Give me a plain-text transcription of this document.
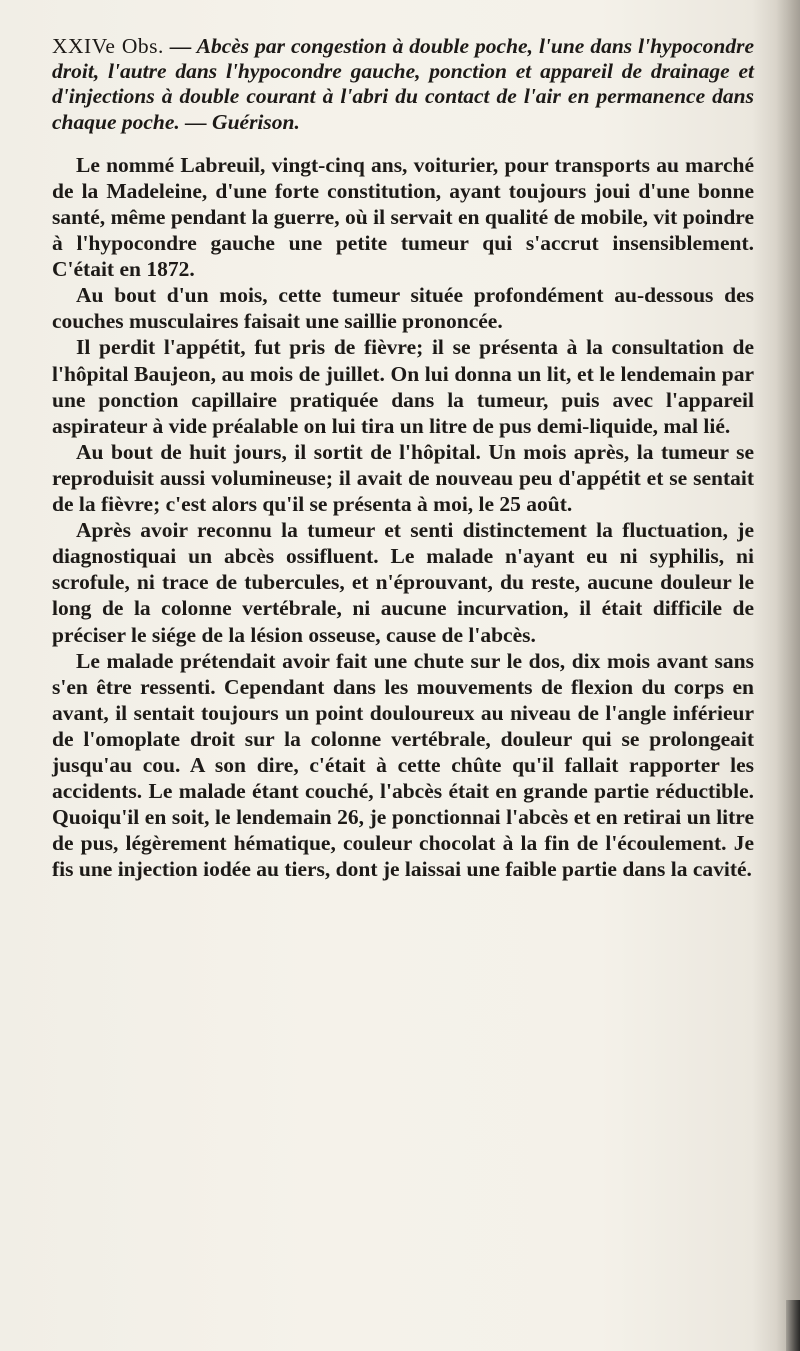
XXIVe Obs. — Abcès par congestion à double poche, l'une dans l'hypocondre droit, l'autre dans l'hypocondre gauche, ponction et appareil de drainage et d'injections à double courant à l'abri du contact de l'air en permanence dans chaque poche. — Guérison.

Le nommé Labreuil, vingt-cinq ans, voiturier, pour transports au marché de la Madeleine, d'une forte constitution, ayant toujours joui d'une bonne santé, même pendant la guerre, où il servait en qualité de mobile, vit poindre à l'hypocondre gauche une petite tumeur qui s'accrut insensiblement. C'était en 1872.

Au bout d'un mois, cette tumeur située profondément au-dessous des couches musculaires faisait une saillie prononcée.

Il perdit l'appétit, fut pris de fièvre; il se présenta à la consultation de l'hôpital Baujeon, au mois de juillet. On lui donna un lit, et le lendemain par une ponction capillaire pratiquée dans la tumeur, puis avec l'appareil aspirateur à vide préalable on lui tira un litre de pus demi-liquide, mal lié.

Au bout de huit jours, il sortit de l'hôpital. Un mois après, la tumeur se reproduisit aussi volumineuse; il avait de nouveau peu d'appétit et se sentait de la fièvre; c'est alors qu'il se présenta à moi, le 25 août.

Après avoir reconnu la tumeur et senti distinctement la fluctuation, je diagnostiquai un abcès ossifluent. Le malade n'ayant eu ni syphilis, ni scrofule, ni trace de tubercules, et n'éprouvant, du reste, aucune douleur le long de la colonne vertébrale, ni aucune incurvation, il était difficile de préciser le siége de la lésion osseuse, cause de l'abcès.

Le malade prétendait avoir fait une chute sur le dos, dix mois avant sans s'en être ressenti. Cependant dans les mouvements de flexion du corps en avant, il sentait toujours un point douloureux au niveau de l'angle inférieur de l'omoplate droit sur la colonne vertébrale, douleur qui se prolongeait jusqu'au cou. A son dire, c'était à cette chûte qu'il fallait rapporter les accidents. Le malade étant couché, l'abcès était en grande partie réductible. Quoiqu'il en soit, le lendemain 26, je ponctionnai l'abcès et en retirai un litre de pus, légèrement hématique, couleur chocolat à la fin de l'écoulement. Je fis une injection iodée au tiers, dont je laissai une faible partie dans la cavité.
